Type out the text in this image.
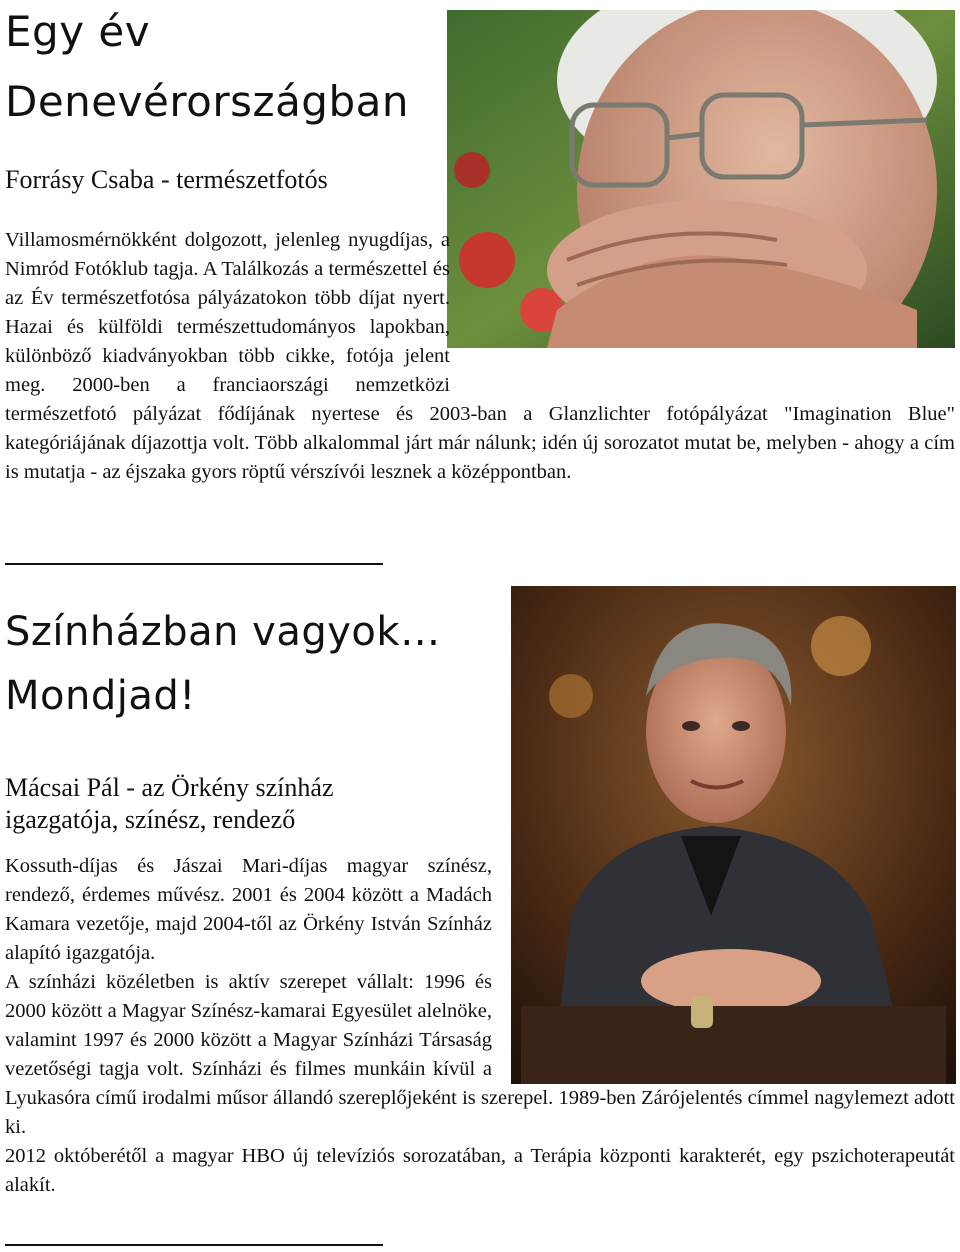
Egy év
Denevérországban

Forrásy Csaba - természetfotós

Villamosmérnökként dolgozott, jelenleg nyugdíjas, a Nimród Fotóklub tagja. A Találkozás a természettel és az Év természetfotósa pályázatokon több díjat nyert. Hazai és külföldi természettudományos lapokban, különböző kiadványokban több cikke, fotója jelent meg. 2000-ben a franciaországi nemzetközi természetfotó pályázat fődíjának nyertese és 2003-ban a Glanzlichter fotópályázat "Imagination Blue" kategóriájának díjazottja volt. Több alkalommal járt már nálunk; idén új sorozatot mutat be, melyben - ahogy a cím is mutatja - az éjszaka gyors röptű vérszívói lesznek a középpontban.

Színházban vagyok…
Mondjad!

Mácsai Pál - az Örkény színház

igazgatója, színész, rendező

Kossuth-díjas és Jászai Mari-díjas magyar színész, rendező, érdemes művész. 2001 és 2004 között a Madách Kamara vezetője, majd 2004-től az Örkény István Színház alapító igazgatója.

A színházi közéletben is aktív szerepet vállalt: 1996 és 2000 között a Magyar Színész-kamarai Egyesület alelnöke, valamint 1997 és 2000 között a Magyar Színházi Társaság vezetőségi tagja volt. Színházi és filmes munkáin kívül a Lyukasóra című irodalmi műsor állandó szereplőjeként is szerepel. 1989-ben Zárójelentés címmel nagylemezt adott ki.

2012 októberétől a magyar HBO új televíziós sorozatában, a Terápia központi karakterét, egy pszichoterapeutát alakít.
